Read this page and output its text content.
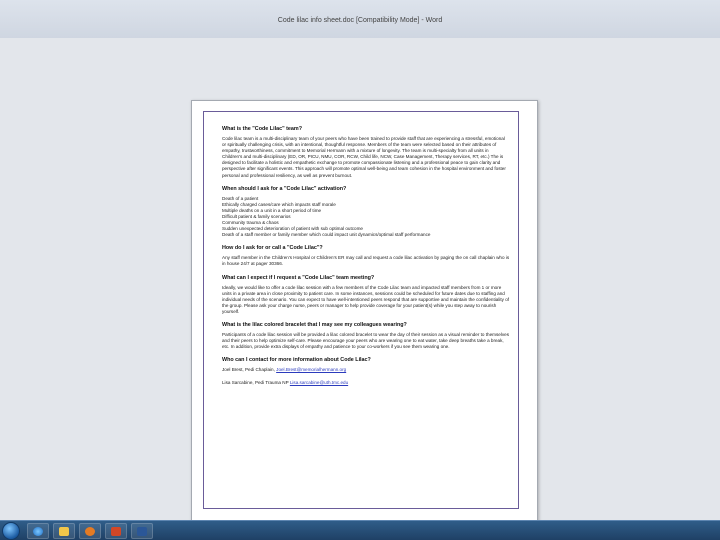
Code lilac info sheet.doc [Compatibility Mode] - Word
What is the "Code Lilac" team?

Code lilac team is a multi-disciplinary team of your peers who have been trained to provide staff that are experiencing a stressful, emotional or spiritually challenging crisis, with an intentional, thoughtful response. Members of the team were selected based on their attributes of empathy, trustworthiness, commitment to Memorial Hermann with a mixture of longevity. The team is multi-specialty from all units in Children's and multi-disciplinary (ED, OR, PICU, NMU, COR, RCW, Child life, NCW, Case Management, Therapy services, RT, etc.) The is designed to facilitate a holistic and empathetic exchange to promote compassionate listening and a professional peace to gain clarity and perspective after significant events. This approach will promote optimal well-being and team cohesion in the hospital environment and foster personal and professional resiliency, as well as prevent burnout.

When should I ask for a "Code Lilac" activation?
Death of a patient
Ethically charged cases/care which impacts staff morale
Multiple deaths on a unit in a short period of time
Difficult patient & family scenarios
Community trauma & chaos
Sudden unexpected deterioration of patient with sub optimal outcome
Death of a staff member or family member which could impact unit dynamics/optimal staff performance
How do I ask for or call a "Code Lilac"?

Any staff member in the Children's Hospital or Children's ER may call and request a code lilac activation by paging the on call chaplain who is in house 24/7 at pager 30366.

What can I expect if I request a "Code Lilac" team meeting?

Ideally, we would like to offer a code lilac session with a few members of the Code Lilac team and impacted staff members from 1 or more units in a private area in close proximity to patient care. In some instances, sessions could be scheduled for future dates due to staffing and individual needs of the scenario. You can expect to have well-intentioned peers respond that are supportive and maintain the confidentiality of the group. Please ask your charge nurse, peers or manager to help provide coverage for your patient(s) while you step away to nourish yourself.

What is the lilac colored bracelet that I may see my colleagues wearing?

Participants of a code lilac session will be provided a lilac colored bracelet to wear the day of their session as a visual reminder to themselves and their peers to help optimize self-care. Please encourage your peers who are wearing one to eat water, take deep breaths take a break, etc. In addition, provide extra displays of empathy and patience to your co-workers if you see them wearing one.

Who can I contact for more information about Code Lilac?
Joel Brest, Pedi Chaplain, Joel.Brest@memorialhermann.org
Lisa Sarcabine, Pedi Trauma NP Lisa.sarcabine@uth.tmc.edu
